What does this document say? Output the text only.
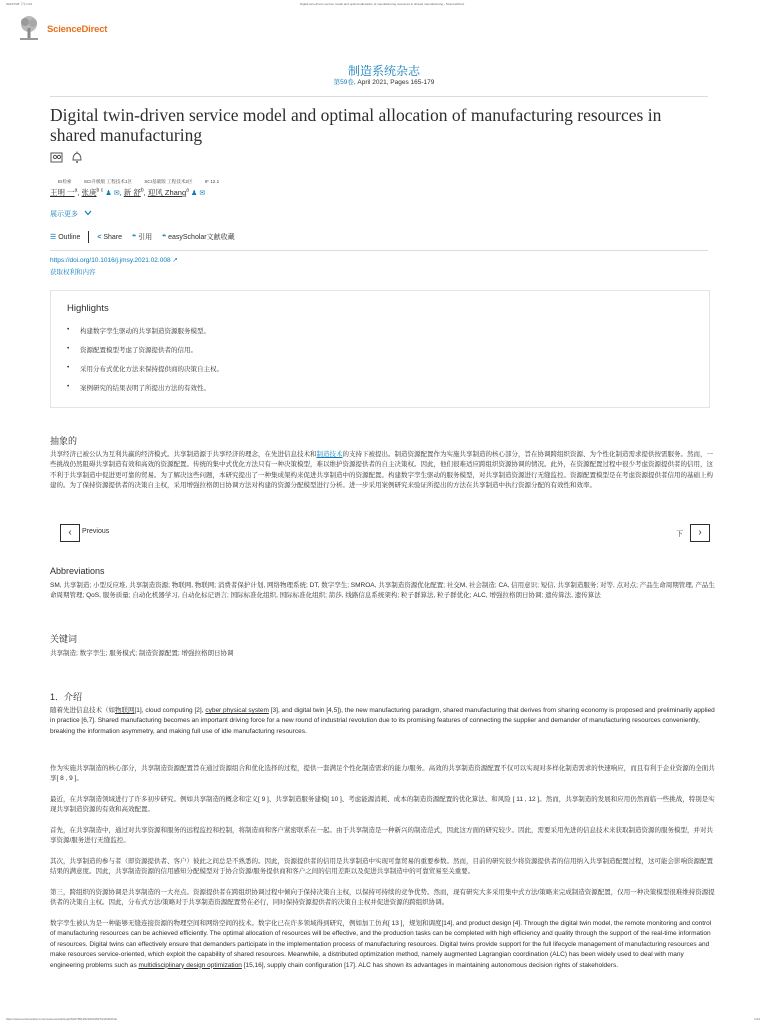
2023/7/28 下午1:04	Digital twin-driven service model and optimal allocation of manufacturing resources in shared manufacturing - ScienceDirect
ScienceDirect
制造系统杂志
第59卷, April 2021, Pages 165-179
Digital twin-driven service model and optimal allocation of manufacturing resources in shared manufacturing

EI检索	SCI升级版 工程技术1区	SCI基础版 工程技术2区	IF 12.1
王明 一$^a$, 张庚$^{b c}$ ♟ ✉, 新 舒$^b$, 迎风 Zhang$^a$ ♟ ✉
展示更多
☰ Outline < Share ❝ 引用 ❝ easyScholar文献收藏
https://doi.org/10.1016/j.jmsy.2021.02.008 ↗
获取权利和内容
Highlights
构建数字孪生驱动的共享制造资源服务模型。
资源配置模型考虑了资源提供者的信用。
采用分布式优化方法来保持提供商的决策自主权。
案例研究的结果表明了所提出方法的有效性。
抽象的

共享经济已被公认为互利共赢的经济模式。共享制造源于共享经济的理念，在先进信息技术和制造技术的支持下被提出。制造资源配置作为实施共享制造的核心部分，旨在协调跨组织资源、为个性化制造需求提供按需服务。然而，一些挑战仍然阻碍共享制造有效和高效的资源配置。传统的集中式优化方法只有一种决策模型，难以维护资源提供者的自主决策权。因此，他们很难适应跨组织资源协调的情况。此外，在资源配置过程中很少考虑资源提供者的信用，这不利于共享制造中促进更可靠的贸易。为了解决这些问题，本研究提出了一种集成架构来促进共享制造中的资源配置。构建数字孪生驱动的服务模型，对共享制造资源进行无缝监控。资源配置模型是在考虑资源提供者信用的基础上构建的。为了保持资源提供者的决策自主权，采用增强拉格朗日协调方法对构建的资源分配模型进行分析。进一步采用案例研究来验证所提出的方法在共享制造中执行资源分配的有效性和效率。

‹	Previous	下	›
Abbreviations

SM, 共享制造; 小型反应堆, 共享制造资源; 物联网, 物联网; 消费者保护计划, 网络物理系统; DT, 数字孪生; SMROA, 共享制造资源优化配置; 社交M, 社会制造; CA, 信用意识; 短信, 共享制造服务; 对等, 点对点; 产品生命周期管理, 产品生命周期管理; QoS, 服务质量; 自动化机器学习, 自动化标记语言; 国际标准化组织, 国际标准化组织; 箭莎, 线路信息系统架构; 粒子群算法, 粒子群优化; ALC, 增强拉格朗日协调; 遗传算法, 遗传算法

关键词

共享制造; 数字孪生; 服务模式; 制造资源配置; 增强拉格朗日协调

1．介绍

随着先进信息技术（如物联网[1], cloud computing [2], cyber physical system [3], and digital twin [4,5]), the new manufacturing paradigm, shared manufacturing that derives from sharing economy is proposed and preliminarily applied in practice [6,7]. Shared manufacturing becomes an important driving force for a new round of industrial revolution due to its promising features of connecting the supplier and demander of manufacturing resources conveniently, breaking the information asymmetry, and making full use of idle manufacturing resources.

作为实施共享制造的核心部分，共享制造资源配置旨在通过资源组合和优化选择的过程，提供一套满足个性化制造需求的能力/服务。高效的共享制造资源配置不仅可以实现对多样化制造需求的快速响应，而且有利于企业资源的全面共享[ 8 , 9 ]。

最近，在共享制造领域进行了许多初步研究。例如共享制造的概念和定义[ 9 ]、共享制造服务建模[ 10 ]、考虑能源消耗、成本的制造资源配置的优化算法、和风险 [ 11 , 12 ]。然而，共享制造的发展和应用仍然面临一些挑战，特别是实现共享制造资源的有效和高效配置。

首先，在共享制造中，通过对共享资源和服务的远程监控和控制，将制造商和客户紧密联系在一起。由于共享制造是一种新兴的制造范式，因此这方面的研究较少。因此，需要采用先进的信息技术来获取制造资源的服务模型，并对共享资源/服务进行无缝监控。

其次，共享制造的参与者（即资源提供者、客户）彼此之间总是不熟悉的。因此，资源提供者的信用是共享制造中实现可靠贸易的重要参数。然而，目前的研究很少将资源提供者的信用纳入共享制造配置过程，这可能会影响资源配置结果的满意度。因此，共享制造资源的信用感知分配模型对于协合资源/服务提供商和客户之间的信用差距以及促进共享制造中的可靠贸易至关重要。

第三，跨组织的资源协调是共享制造的一大亮点。资源提供者在跨组织协调过程中倾向于保持决策自主权，以保持可持续的竞争优势。然而，现有研究大多采用集中式方法/策略来完成制造资源配置，仅用一种决策模型很难维持资源提供者的决策自主权。因此，分布式方法/策略对于共享制造资源配置势在必行，同时保持资源提供者的决策自主权并促进资源的跨组织协调。

数字孪生被认为是一种能够无缝连接资源的物理空间和网络空间的技术。数字化已在许多领域得到研究，例如加工仿真[ 13 ]，规划和调度[14], and product design [4]. Through the digital twin model, the remote monitoring and control of manufacturing resources can be achieved efficiently. The optimal allocation of resources will be effective, and the production tasks can be completed with high efficiency and quality through the support of the real-time information of resources. Digital twins can effectively ensure that demanders participate in the implementation process of manufacturing resources. Digital twins provide support for the full lifecycle management of manufacturing resources and make resources service-oriented, which exploit the capability of shared resources. Meanwhile, a distributed optimization method, namely augmented Lagrangian coordination (ALC) has been widely used to deal with many engineering problems such as multidisciplinary design optimization [15,16], supply chain configuration [17]. ALC has shown its advantages in maintaining autonomous decision rights of stakeholders.

https://www.sciencedirect.com/science/article/pii/S0278612521000182?via%3Dihub	1/14
